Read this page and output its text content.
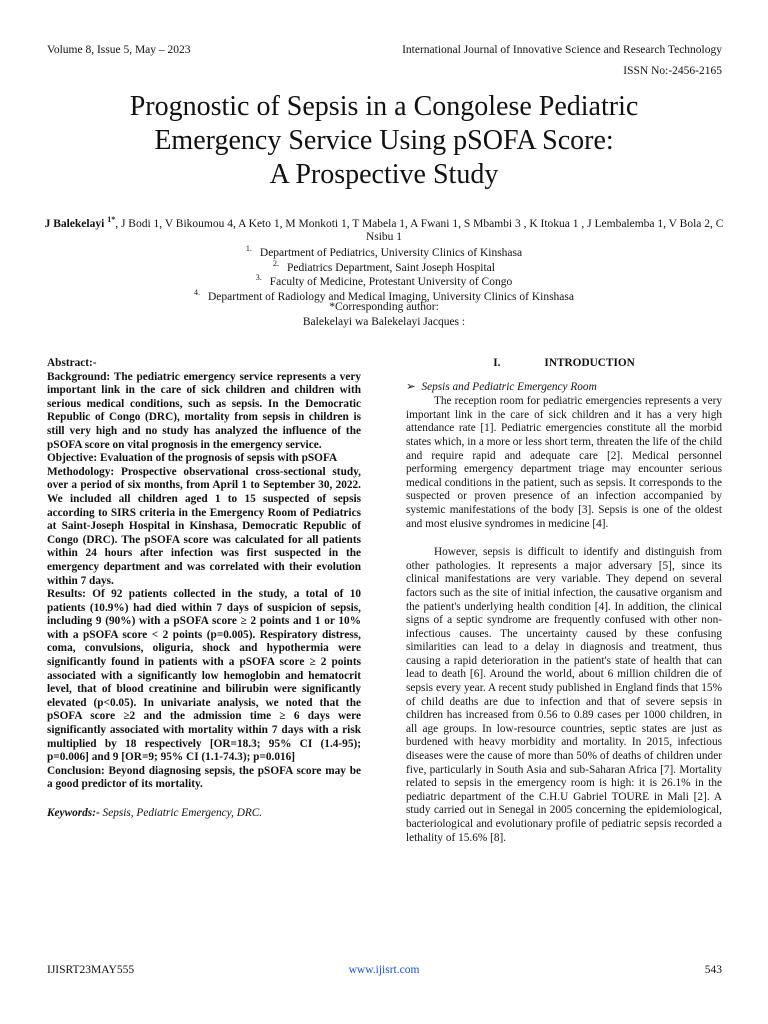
Volume 8, Issue 5, May – 2023	International Journal of Innovative Science and Research Technology
ISSN No:-2456-2165
Prognostic of Sepsis in a Congolese Pediatric
Emergency Service Using pSOFA Score:
A Prospective Study
J Balekelayi $^{1*}$, J Bodi 1, V Bikoumou 4, A Keto 1, M Monkoti 1, T Mabela 1, A Fwani 1, S Mbambi 3 , K Itokua 1 , J Lembalemba 1, V Bola 2, C Nsibu 1
$^{1.}$ Department of Pediatrics, University Clinics of Kinshasa
$^{2.}$ Pediatrics Department, Saint Joseph Hospital
$^{3.}$ Faculty of Medicine, Protestant University of Congo
$^{4.}$ Department of Radiology and Medical Imaging, University Clinics of Kinshasa
*Corresponding author:
Balekelayi wa Balekelayi Jacques :

Abstract:-

Background: The pediatric emergency service represents a very important link in the care of sick children and children with serious medical conditions, such as sepsis. In the Democratic Republic of Congo (DRC), mortality from sepsis in children is still very high and no study has analyzed the influence of the pSOFA score on vital prognosis in the emergency service.

Objective: Evaluation of the prognosis of sepsis with pSOFA

Methodology: Prospective observational cross-sectional study, over a period of six months, from April 1 to September 30, 2022. We included all children aged 1 to 15 suspected of sepsis according to SIRS criteria in the Emergency Room of Pediatrics at Saint-Joseph Hospital in Kinshasa, Democratic Republic of Congo (DRC). The pSOFA score was calculated for all patients within 24 hours after infection was first suspected in the emergency department and was correlated with their evolution within 7 days.

Results: Of 92 patients collected in the study, a total of 10 patients (10.9%) had died within 7 days of suspicion of sepsis, including 9 (90%) with a pSOFA score ≥ 2 points and 1 or 10% with a pSOFA score < 2 points (p=0.005). Respiratory distress, coma, convulsions, oliguria, shock and hypothermia were significantly found in patients with a pSOFA score ≥ 2 points associated with a significantly low hemoglobin and hematocrit level, that of blood creatinine and bilirubin were significantly elevated (p<0.05). In univariate analysis, we noted that the pSOFA score ≥2 and the admission time ≥ 6 days were significantly associated with mortality within 7 days with a risk multiplied by 18 respectively [OR=18.3; 95% CI (1.4-95); p=0.006] and 9 [OR=9; 95% CI (1.1-74.3); p=0.016]

Conclusion: Beyond diagnosing sepsis, the pSOFA score may be a good predictor of its mortality.

Keywords:- Sepsis, Pediatric Emergency, DRC.

I.	INTRODUCTION
➢ Sepsis and Pediatric Emergency Room

The reception room for pediatric emergencies represents a very important link in the care of sick children and it has a very high attendance rate [1]. Pediatric emergencies constitute all the morbid states which, in a more or less short term, threaten the life of the child and require rapid and adequate care [2]. Medical personnel performing emergency department triage may encounter serious medical conditions in the patient, such as sepsis. It corresponds to the suspected or proven presence of an infection accompanied by systemic manifestations of the body [3]. Sepsis is one of the oldest and most elusive syndromes in medicine [4].

However, sepsis is difficult to identify and distinguish from other pathologies. It represents a major adversary [5], since its clinical manifestations are very variable. They depend on several factors such as the site of initial infection, the causative organism and the patient's underlying health condition [4]. In addition, the clinical signs of a septic syndrome are frequently confused with other non-infectious causes. The uncertainty caused by these confusing similarities can lead to a delay in diagnosis and treatment, thus causing a rapid deterioration in the patient's state of health that can lead to death [6]. Around the world, about 6 million children die of sepsis every year. A recent study published in England finds that 15% of child deaths are due to infection and that of severe sepsis in children has increased from 0.56 to 0.89 cases per 1000 children, in all age groups. In low-resource countries, septic states are just as burdened with heavy morbidity and mortality. In 2015, infectious diseases were the cause of more than 50% of deaths of children under five, particularly in South Asia and sub-Saharan Africa [7]. Mortality related to sepsis in the emergency room is high: it is 26.1% in the pediatric department of the C.H.U Gabriel TOURE in Mali [2]. A study carried out in Senegal in 2005 concerning the epidemiological, bacteriological and evolutionary profile of pediatric sepsis recorded a lethality of 15.6% [8].

IJISRT23MAY555	www.ijisrt.com	543
